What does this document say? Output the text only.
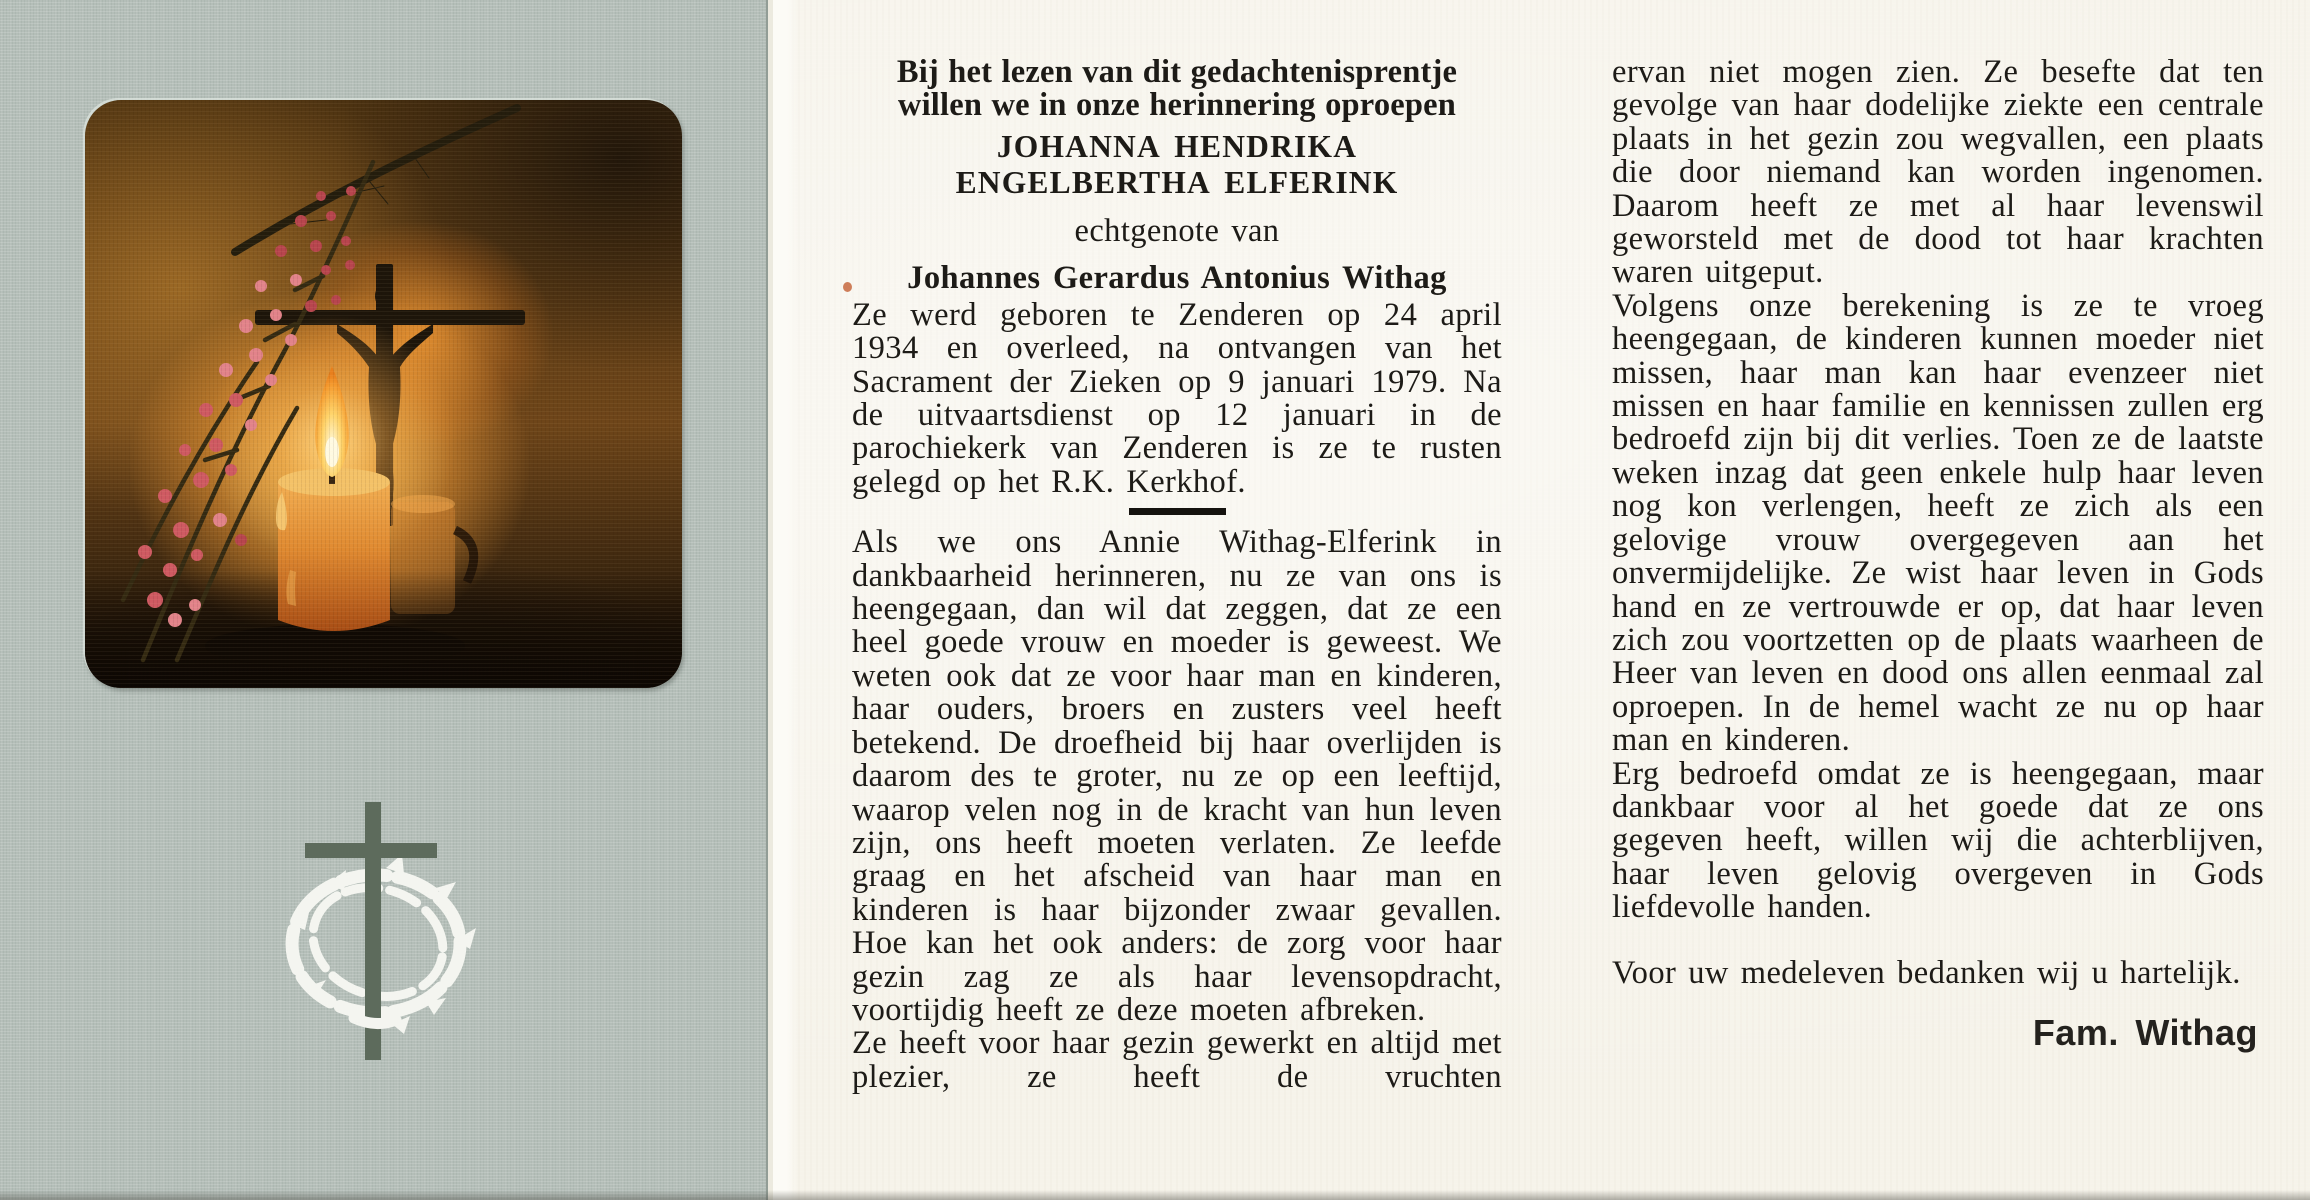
Bij het lezen van dit gedachtenisprentje
willen we in onze herinnering oproepen
JOHANNA HENDRIKA
ENGELBERTHA ELFERINK
echtgenote van
Johannes Gerardus Antonius Withag

Ze werd geboren te Zenderen op 24 april 1934 en overleed, na ontvangen van het Sacrament der Zieken op 9 januari 1979. Na de uitvaartsdienst op 12 januari in de parochiekerk van Zenderen is ze te rusten gelegd op het R.K. Kerkhof.

Als we ons Annie Withag-Elferink in dankbaarheid herinneren, nu ze van ons is heengegaan, dan wil dat zeggen, dat ze een heel goede vrouw en moeder is geweest. We weten ook dat ze voor haar man en kinderen, haar ouders, broers en zusters veel heeft betekend. De droefheid bij haar overlijden is daarom des te groter, nu ze op een leeftijd, waarop velen nog in de kracht van hun leven zijn, ons heeft moeten verlaten. Ze leefde graag en het afscheid van haar man en kinderen is haar bijzonder zwaar gevallen. Hoe kan het ook anders: de zorg voor haar gezin zag ze als haar levensopdracht, voortijdig heeft ze deze moeten afbreken.

Ze heeft voor haar gezin gewerkt en altijd met plezier, ze heeft de vruchten

ervan niet mogen zien. Ze besefte dat ten gevolge van haar dodelijke ziekte een centrale plaats in het gezin zou wegvallen, een plaats die door niemand kan worden ingenomen. Daarom heeft ze met al haar levenswil geworsteld met de dood tot haar krachten waren uitgeput.

Volgens onze berekening is ze te vroeg heengegaan, de kinderen kunnen moeder niet missen, haar man kan haar evenzeer niet missen en haar familie en kennissen zullen erg bedroefd zijn bij dit verlies. Toen ze de laatste weken inzag dat geen enkele hulp haar leven nog kon verlengen, heeft ze zich als een gelovige vrouw overgegeven aan het onvermijdelijke. Ze wist haar leven in Gods hand en ze vertrouwde er op, dat haar leven zich zou voortzetten op de plaats waarheen de Heer van leven en dood ons allen eenmaal zal oproepen. In de hemel wacht ze nu op haar man en kinderen.

Erg bedroefd omdat ze is heengegaan, maar dankbaar voor al het goede dat ze ons gegeven heeft, willen wij die achterblijven, haar leven gelovig overgeven in Gods liefdevolle handen.

Voor uw medeleven bedanken wij u hartelijk.

Fam. Withag
